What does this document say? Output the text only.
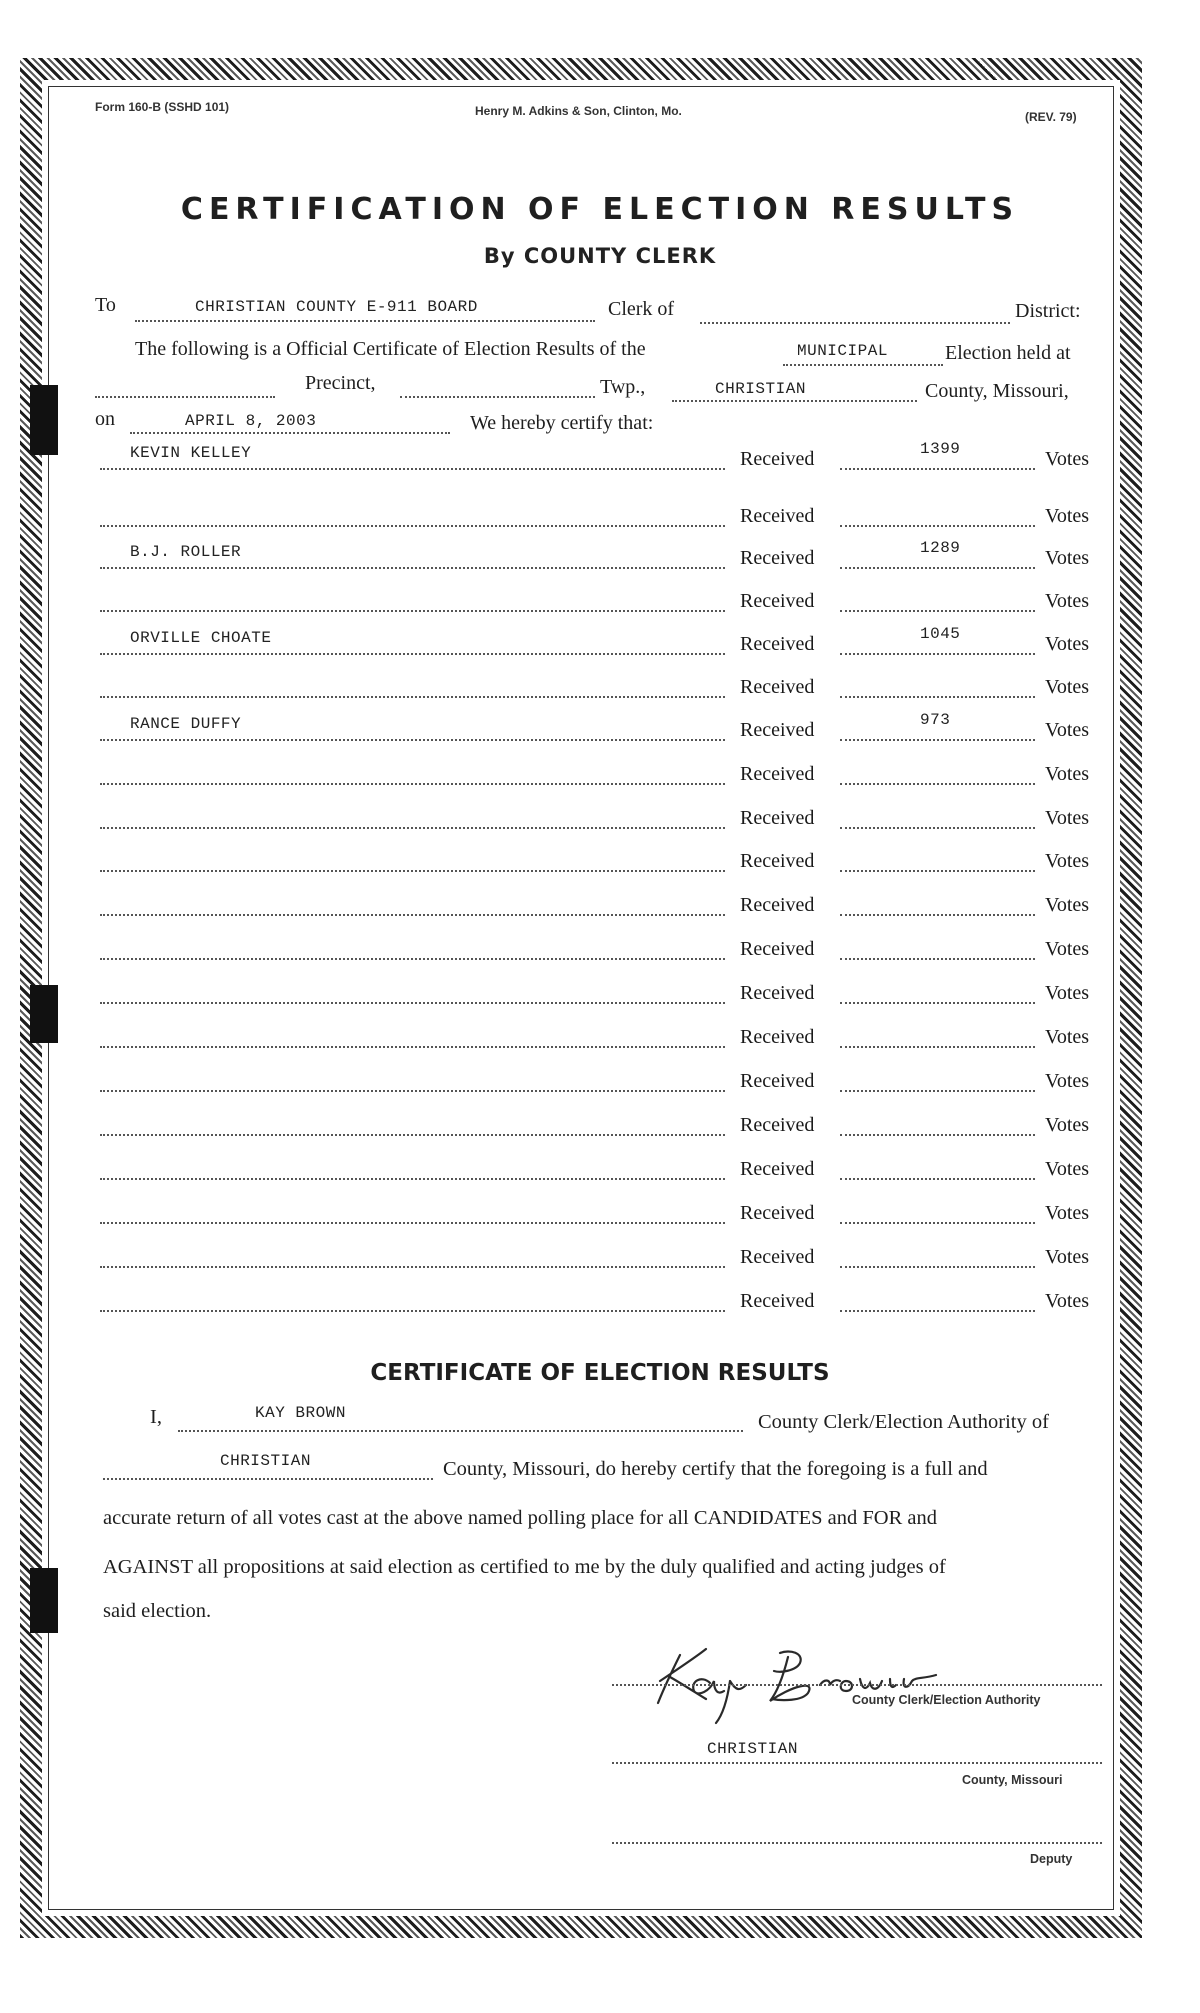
Form 160-B (SSHD 101)	Henry M. Adkins & Son, Clinton, Mo.	(REV. 79)
CERTIFICATION OF ELECTION RESULTS
By COUNTY CLERK
To	CHRISTIAN COUNTY E-911 BOARD	Clerk of	District:
The following is a Official Certificate of Election Results of the	MUNICIPAL	Election held at
Precinct,	Twp.,	CHRISTIAN	County, Missouri,
on	APRIL 8, 2003	We hereby certify that:
KEVIN KELLEY	Received	1399	Votes
Received	Votes
B.J. ROLLER	Received	1289	Votes
Received	Votes
ORVILLE CHOATE	Received	1045	Votes
Received	Votes
RANCE DUFFY	Received	973	Votes
Received	Votes
Received	Votes
Received	Votes
Received	Votes
Received	Votes
Received	Votes
Received	Votes
Received	Votes
Received	Votes
Received	Votes
Received	Votes
Received	Votes
Received	Votes
CERTIFICATE OF ELECTION RESULTS
I,	KAY BROWN	County Clerk/Election Authority of
CHRISTIAN	County, Missouri, do hereby certify that the foregoing is a full and
accurate return of all votes cast at the above named polling place for all CANDIDATES and FOR and
AGAINST all propositions at said election as certified to me by the duly qualified and acting judges of
said election.
County Clerk/Election Authority
CHRISTIAN
County, Missouri
Deputy
